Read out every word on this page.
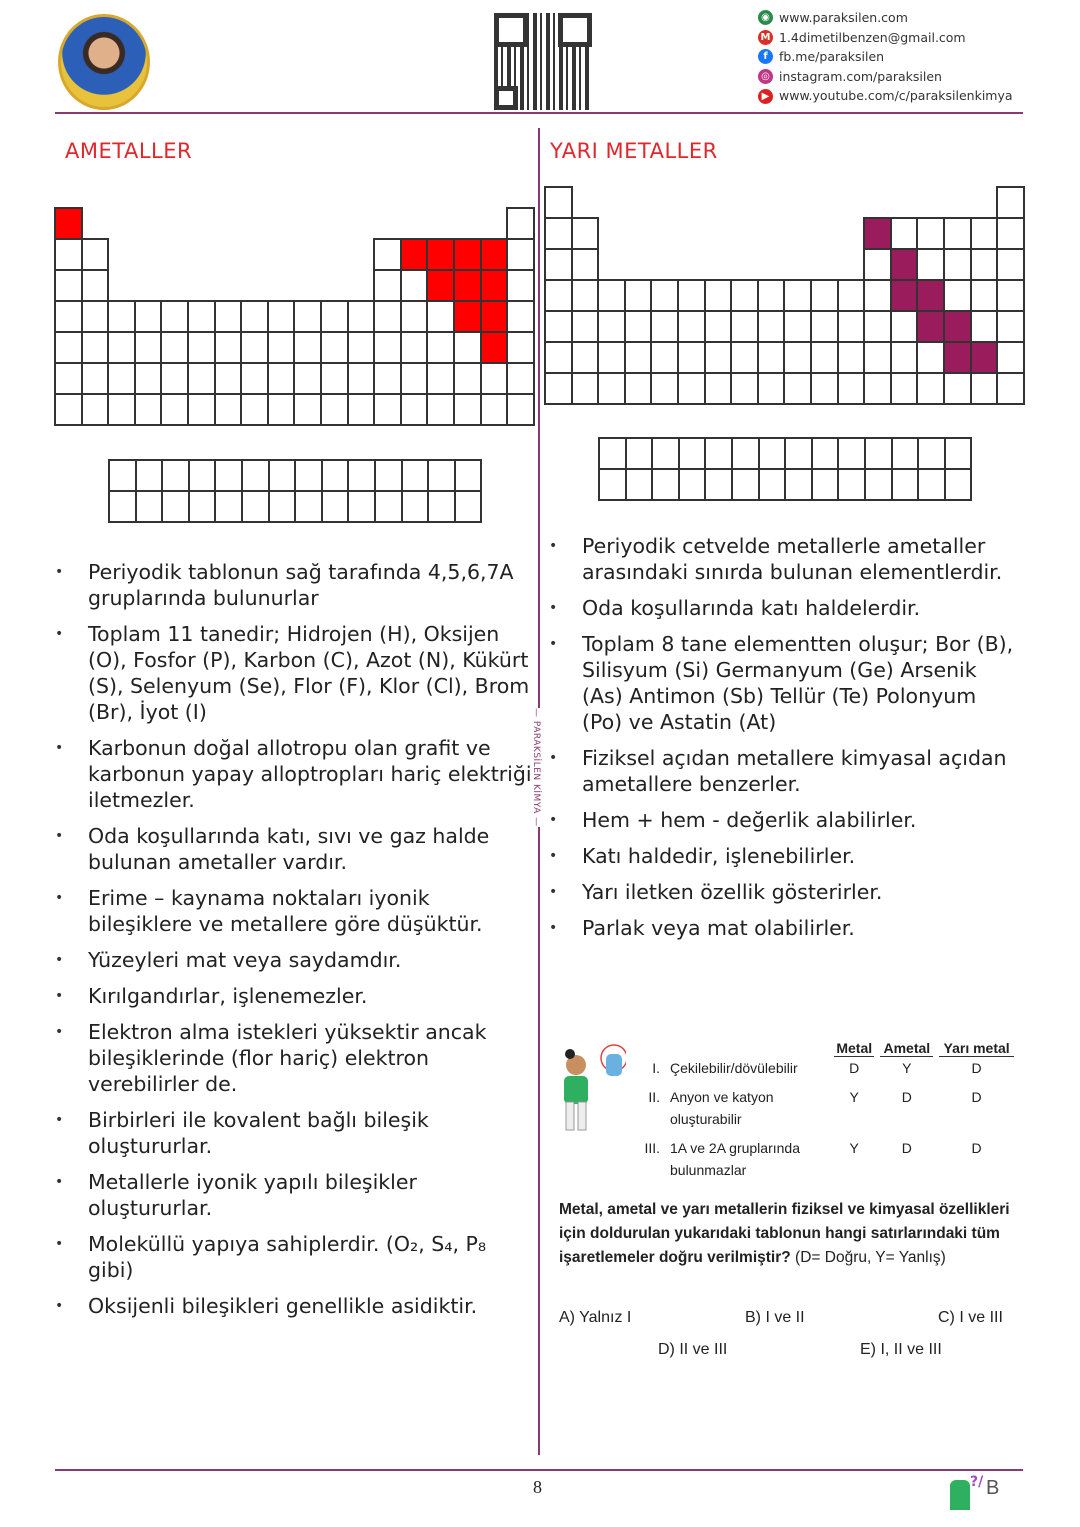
◉ www.paraksilen.com
M 1.4dimetilbenzen@gmail.com
f fb.me/paraksilen
◎ instagram.com/paraksilen
▶ www.youtube.com/c/paraksilenkimya
AMETALLER	YARI METALLER
— PARAKSİLEN KİMYA —
• Periyodik tablonun sağ tarafında 4,5,6,7A gruplarında bulunurlar
• Toplam 11 tanedir; Hidrojen (H), Oksijen (O), Fosfor (P), Karbon (C), Azot (N), Kükürt (S), Selenyum (Se), Flor (F), Klor (Cl), Brom (Br), İyot (I)
• Karbonun doğal allotropu olan grafit ve karbonun yapay alloptropları hariç elektriği iletmezler.
• Oda koşullarında katı, sıvı ve gaz halde bulunan ametaller vardır.
• Erime – kaynama noktaları iyonik bileşiklere ve metallere göre düşüktür.
• Yüzeyleri mat veya saydamdır.
• Kırılgandırlar, işlenemezler.
• Elektron alma istekleri yüksektir ancak bileşiklerinde (flor hariç) elektron verebilirler de.
• Birbirleri ile kovalent bağlı bileşik oluştururlar.
• Metallerle iyonik yapılı bileşikler oluştururlar.
• Moleküllü yapıya sahiplerdir. (O₂, S₄, P₈ gibi)
• Oksijenli bileşikleri genellikle asidiktir.
• Periyodik cetvelde metallerle ametaller arasındaki sınırda bulunan elementlerdir.
• Oda koşullarında katı haldelerdir.
• Toplam 8 tane elementten oluşur; Bor (B), Silisyum (Si) Germanyum (Ge) Arsenik (As) Antimon (Sb) Tellür (Te) Polonyum (Po) ve Astatin (At)
• Fiziksel açıdan metallere kimyasal açıdan ametallere benzerler.
• Hem + hem - değerlik alabilirler.
• Katı haldedir, işlenebilirler.
• Yarı iletken özellik gösterirler.
• Parlak veya mat olabilirler.
		Metal	Ametal	Yarı metal
I.	Çekilebilir/dövülebilir	D	Y	D
II.	Anyon ve katyon oluşturabilir	Y	D	D
III.	1A ve 2A gruplarında bulunmazlar	Y	D	D
Metal, ametal ve yarı metallerin fiziksel ve kimyasal özellikleri için doldurulan yukarıdaki tablonun hangi satırlarındaki tüm işaretlemeler doğru verilmiştir? (D= Doğru, Y= Yanlış)
A) Yalnız I	B) I ve II	C) I ve III
D) II ve III	E) I, II ve III
8	?/ B
